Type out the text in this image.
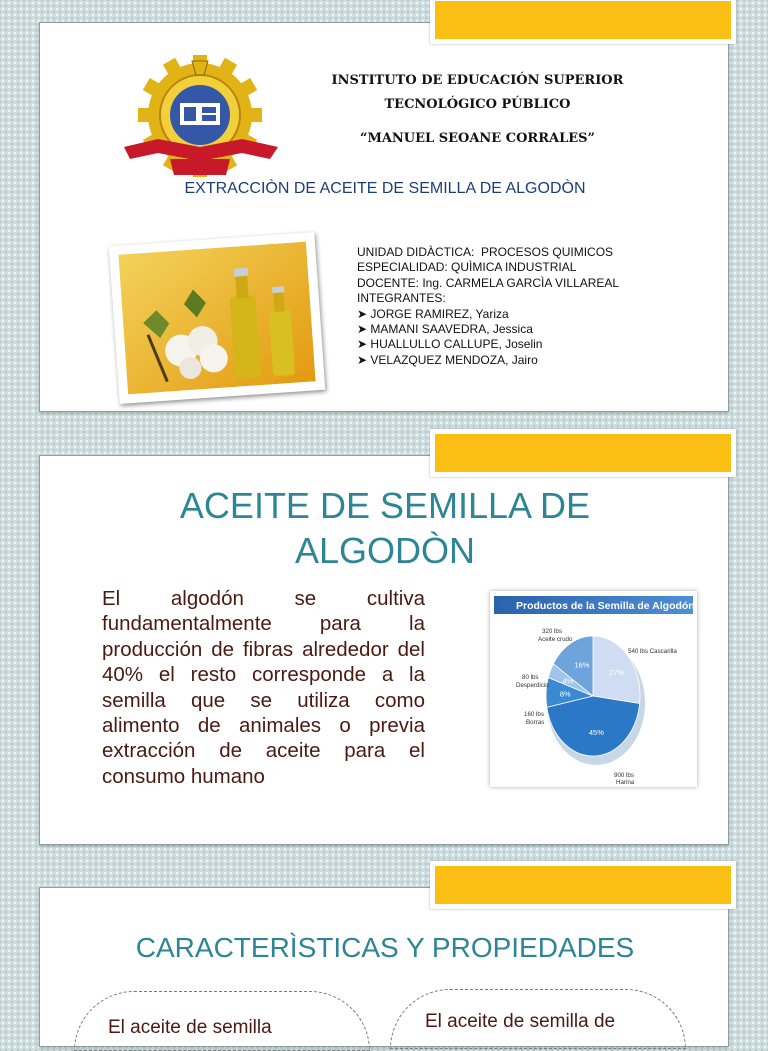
INSTITUTO DE EDUCACIÓN SUPERIOR
TECNOLÓGICO PÚBLICO
“MANUEL SEOANE CORRALES”
EXTRACCIÒN DE ACEITE DE SEMILLA DE ALGODÒN
UNIDAD DIDÀCTICA:  PROCESOS QUIMICOS
ESPECIALIDAD: QUÌMICA INDUSTRIAL
DOCENTE: Ing. CARMELA GARCÌA VILLAREAL
INTEGRANTES:
➤ JORGE RAMIREZ, Yariza
➤ MAMANI SAAVEDRA, Jessica
➤ HUALLULLO CALLUPE, Joselin
➤ VELAZQUEZ MENDOZA, Jairo
ACEITE DE SEMILLA DE
ALGODÒN
El algodón se cultiva fundamentalmente para la producción de fibras alrededor del 40% el resto corresponde a la semilla que se utiliza como alimento de animales o previa extracción de aceite para el consumo humano
Productos de la Semilla de Algodón
320 lbs
Aceite crudo
540 lbs Cascarilla
80 lbs
Desperdicio
160 lbs
Borras
900 lbs
Harina
27%
45%
8%
4%
16%
CARACTERÌSTICAS Y PROPIEDADES
El aceite de semilla	El aceite de semilla de
